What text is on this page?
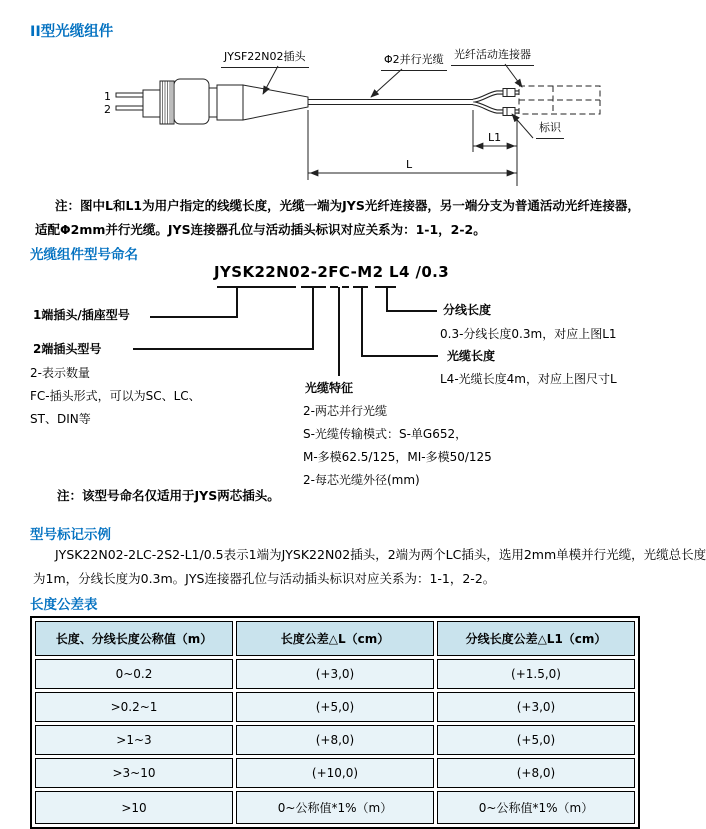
II型光缆组件
1
2
JYSF22N02插头	Φ2并行光缆 光纤活动连接器
标识
L1
L
注：图中L和L1为用户指定的线缆长度，光缆一端为JYS光纤连接器，另一端分支为普通活动光纤连接器，
适配Φ2mm并行光缆。JYS连接器孔位与活动插头标识对应关系为：1-1，2-2。
光缆组件型号命名
JYSK22N02-2FC-M2 L4 /0.3
1端插头/插座型号
2端插头型号
2-表示数量
FC-插头形式，可以为SC、LC、
ST、DIN等
光缆特征
2-两芯并行光缆
S-光缆传输模式：S-单G652，
M-多模62.5/125，MI-多模50/125
2-每芯光缆外径(mm)
分线长度
0.3-分线长度0.3m，对应上图L1
光缆长度
L4-光缆长度4m，对应上图尺寸L
注：该型号命名仅适用于JYS两芯插头。
型号标记示例
JYSK22N02-2LC-2S2-L1/0.5表示1端为JYSK22N02插头，2端为两个LC插头，选用2mm单模并行光缆，光缆总长度
为1m，分线长度为0.3m。JYS连接器孔位与活动插头标识对应关系为：1-1，2-2。
长度公差表
长度、分线长度公称值（m）	长度公差△L（cm）	分线长度公差△L1（cm）
0~0.2	(+3,0)	(+1.5,0)
>0.2~1	(+5,0)	(+3,0)
>1~3	(+8,0)	(+5,0)
>3~10	(+10,0)	(+8,0)
>10	0~公称值*1%（m）	0~公称值*1%（m）
